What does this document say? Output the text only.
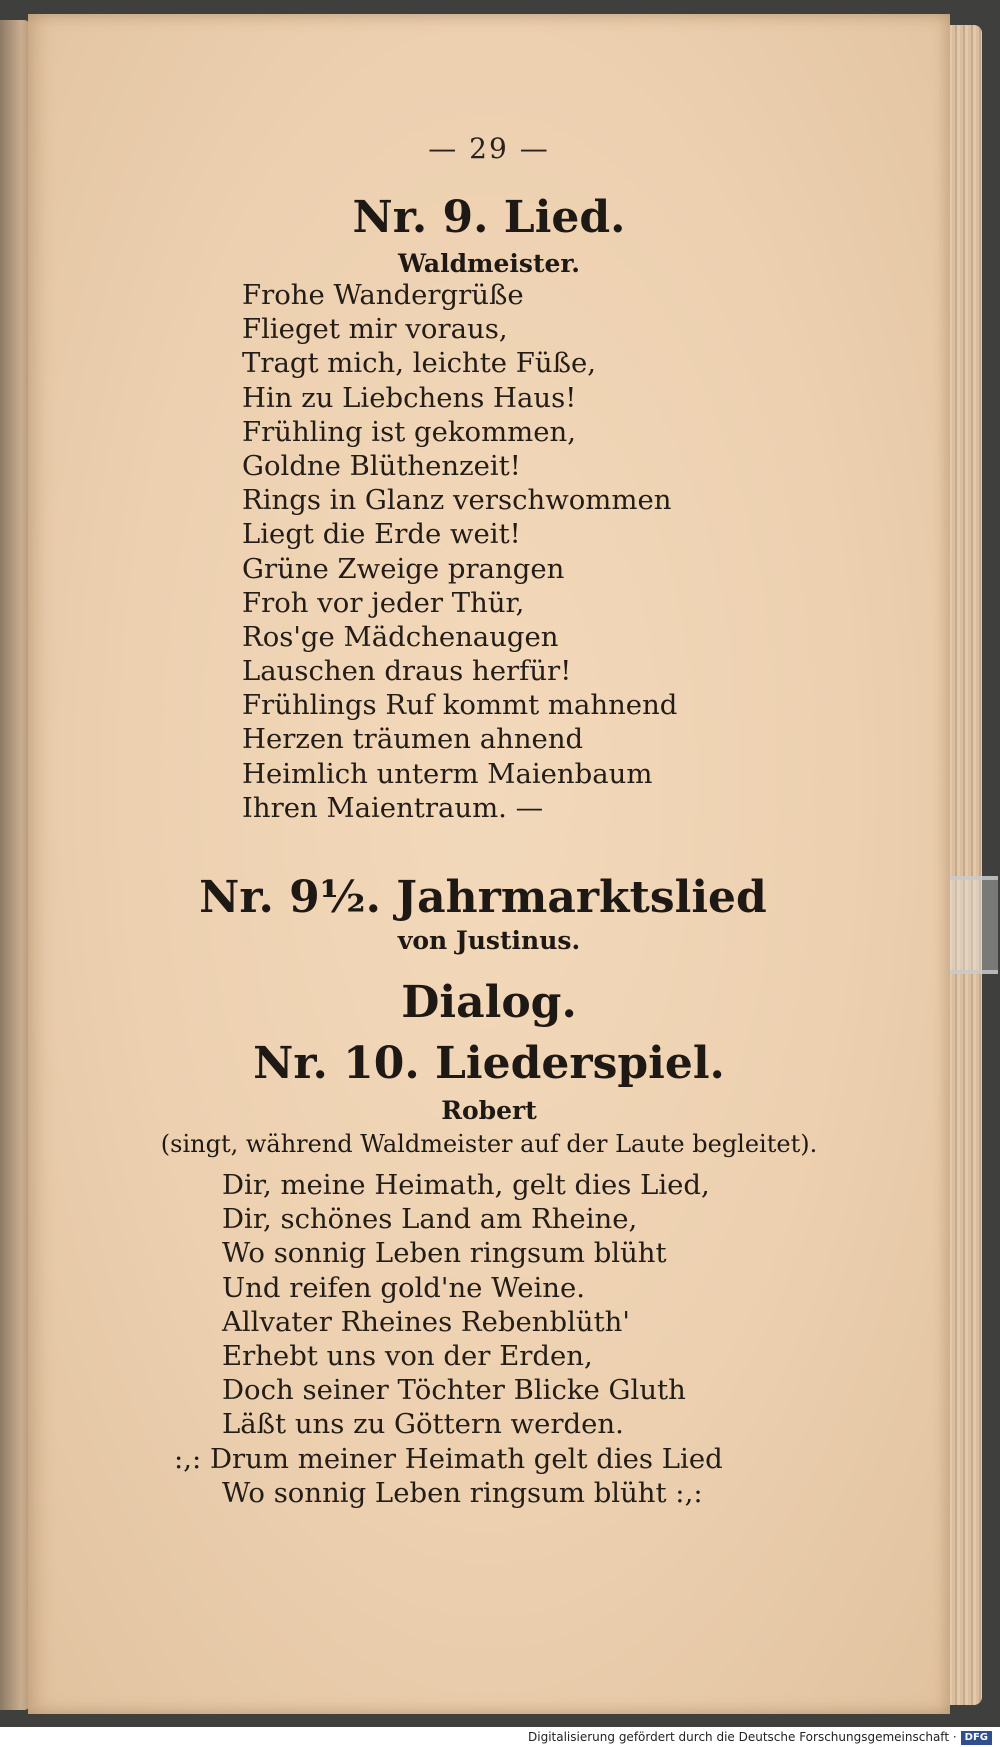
— 29 —
Nr. 9. Lied.
Waldmeister.
Frohe Wandergrüße
Flieget mir voraus,
Tragt mich, leichte Füße,
Hin zu Liebchens Haus!
Frühling ist gekommen,
Goldne Blüthenzeit!
Rings in Glanz verschwommen
Liegt die Erde weit!
Grüne Zweige prangen
Froh vor jeder Thür,
Ros'ge Mädchenaugen
Lauschen draus herfür!
Frühlings Ruf kommt mahnend
Herzen träumen ahnend
Heimlich unterm Maienbaum
Ihren Maientraum. —
Nr. 9½. Jahrmarktslied
von Justinus.
Dialog.
Nr. 10. Liederspiel.
Robert
(singt, während Waldmeister auf der Laute begleitet).
Dir, meine Heimath, gelt dies Lied,
Dir, schönes Land am Rheine,
Wo sonnig Leben ringsum blüht
Und reifen gold'ne Weine.
Allvater Rheines Rebenblüth'
Erhebt uns von der Erden,
Doch seiner Töchter Blicke Gluth
Läßt uns zu Göttern werden.
:,: Drum meiner Heimath gelt dies Lied
Wo sonnig Leben ringsum blüht :,:
Digitalisierung gefördert durch die Deutsche Forschungsgemeinschaft · DFG
